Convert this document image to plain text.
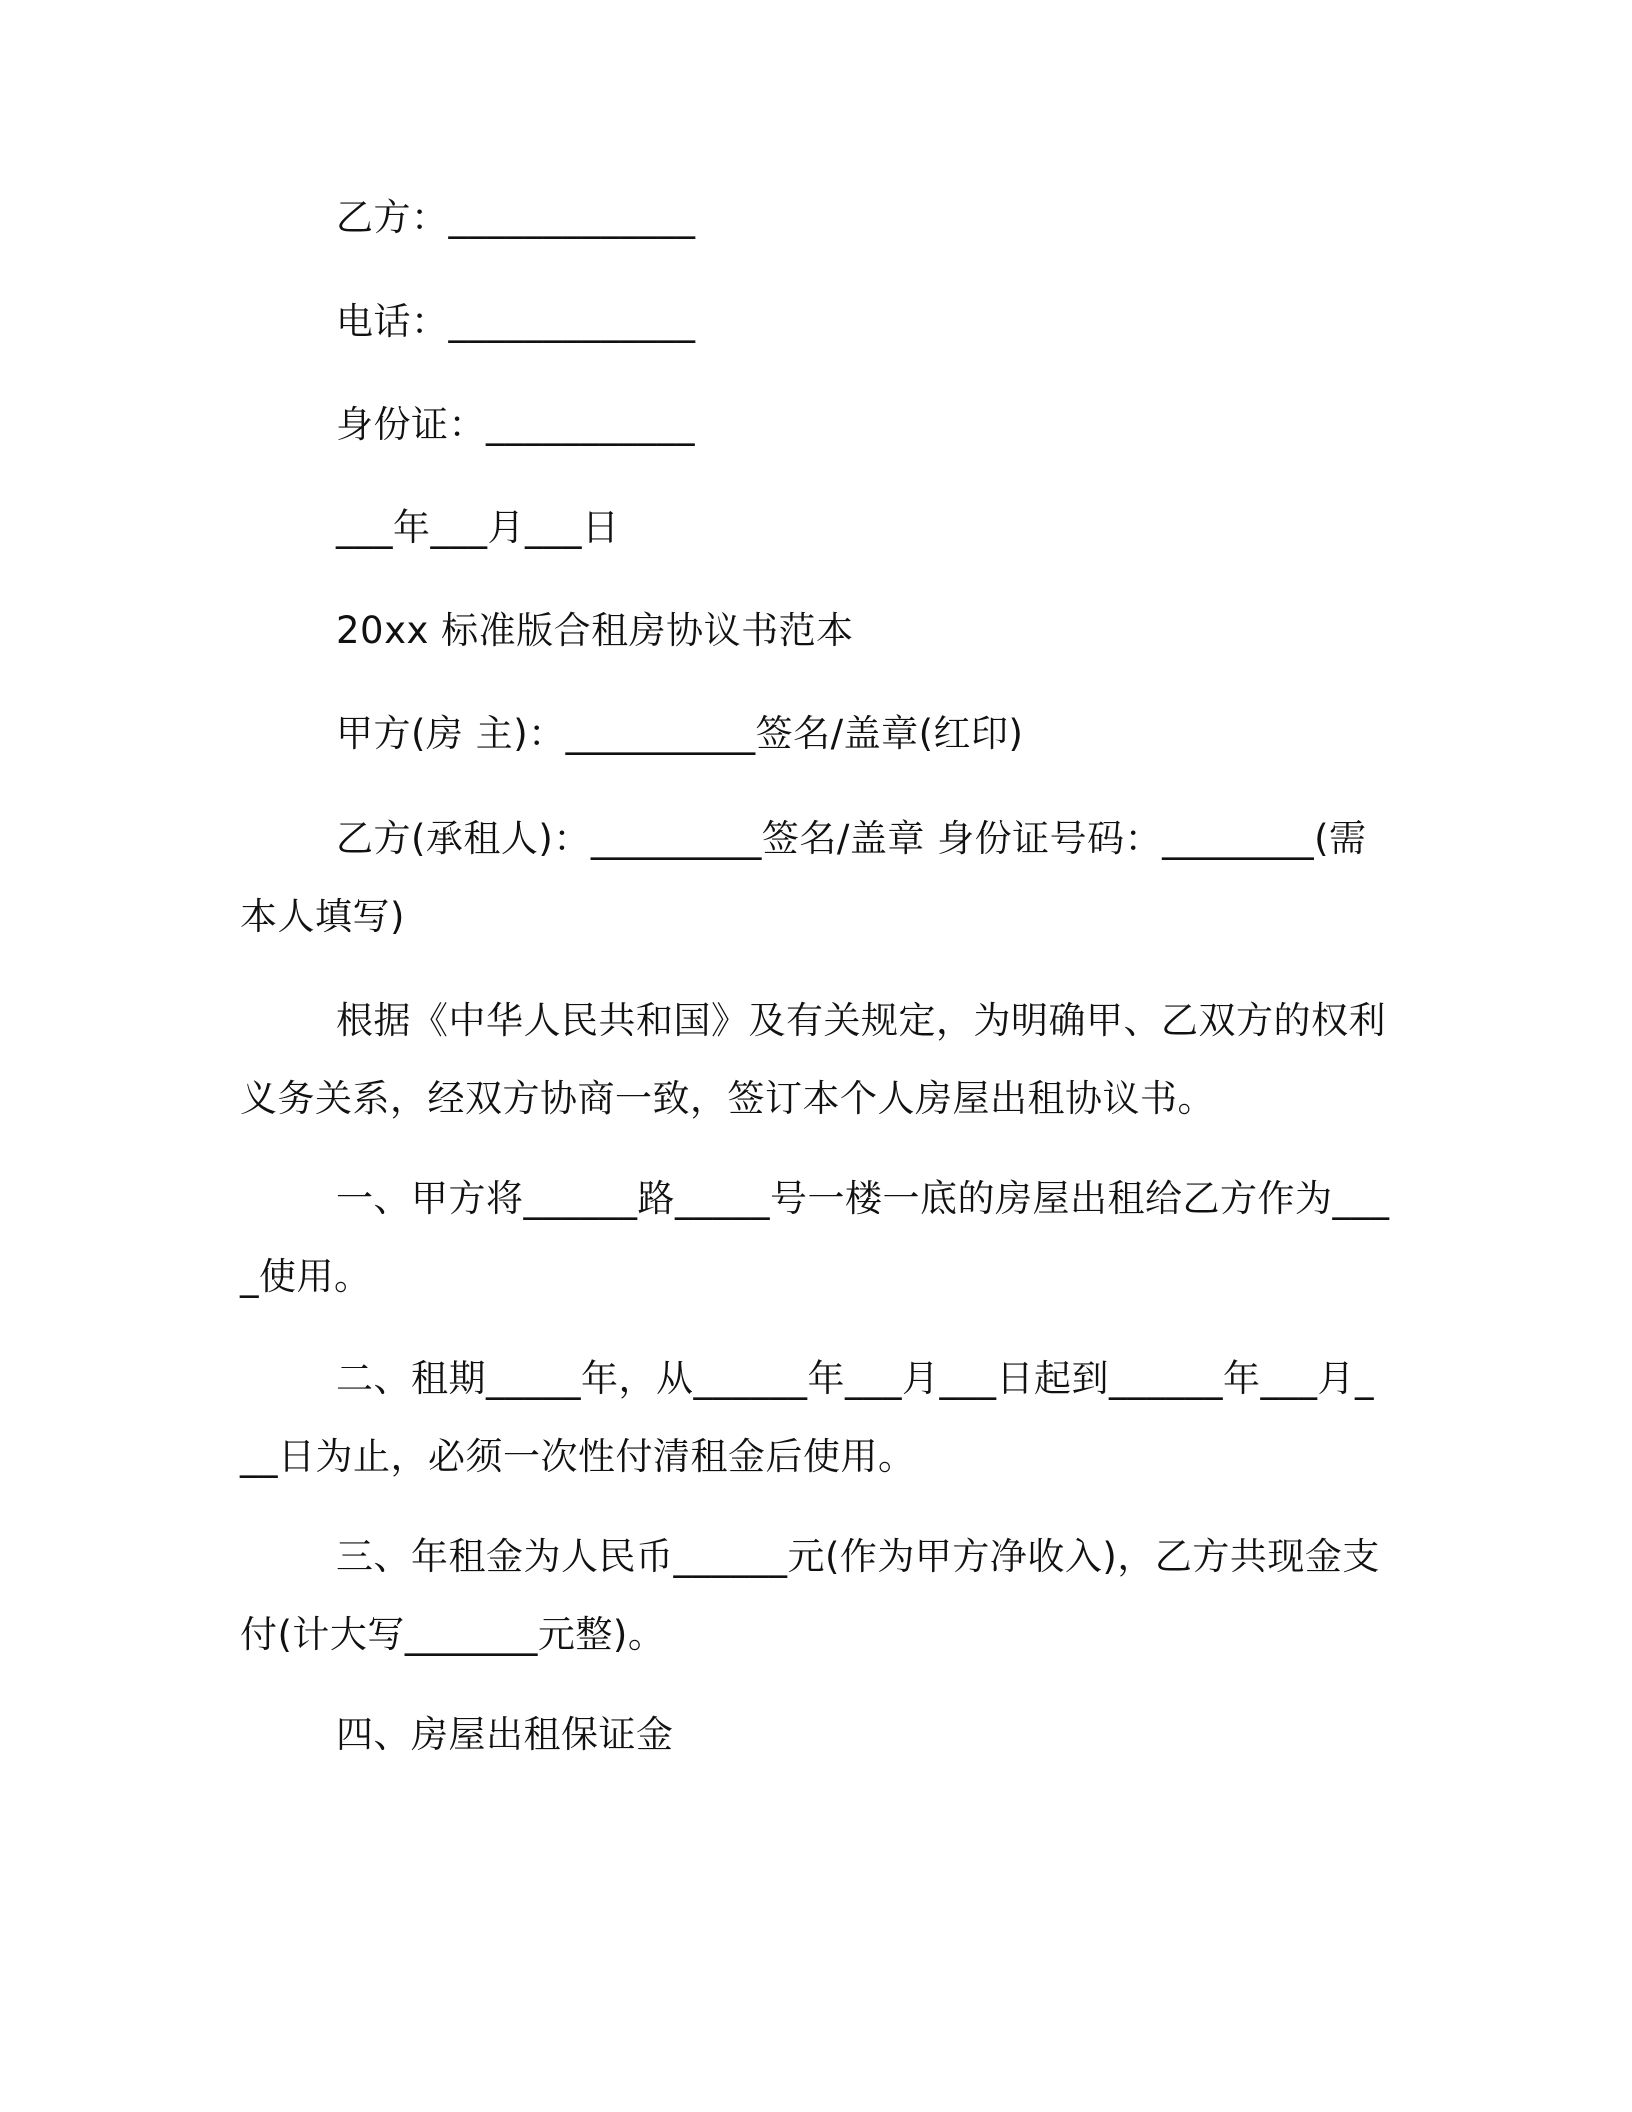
乙方：_____________
电话：_____________
身份证：___________
___年___月___日
20xx 标准版合租房协议书范本
甲方(房 主)：__________签名/盖章(红印)
乙方(承租人)：_________签名/盖章 身份证号码：________(需本人填写)
根据《中华人民共和国》及有关规定，为明确甲、乙双方的权利义务关系，经双方协商一致，签订本个人房屋出租协议书。
一、甲方将______路_____号一楼一底的房屋出租给乙方作为____使用。
二、租期_____年，从______年___月___日起到______年___月___日为止，必须一次性付清租金后使用。
三、年租金为人民币______元(作为甲方净收入)，乙方共现金支付(计大写_______元整)。
四、房屋出租保证金
